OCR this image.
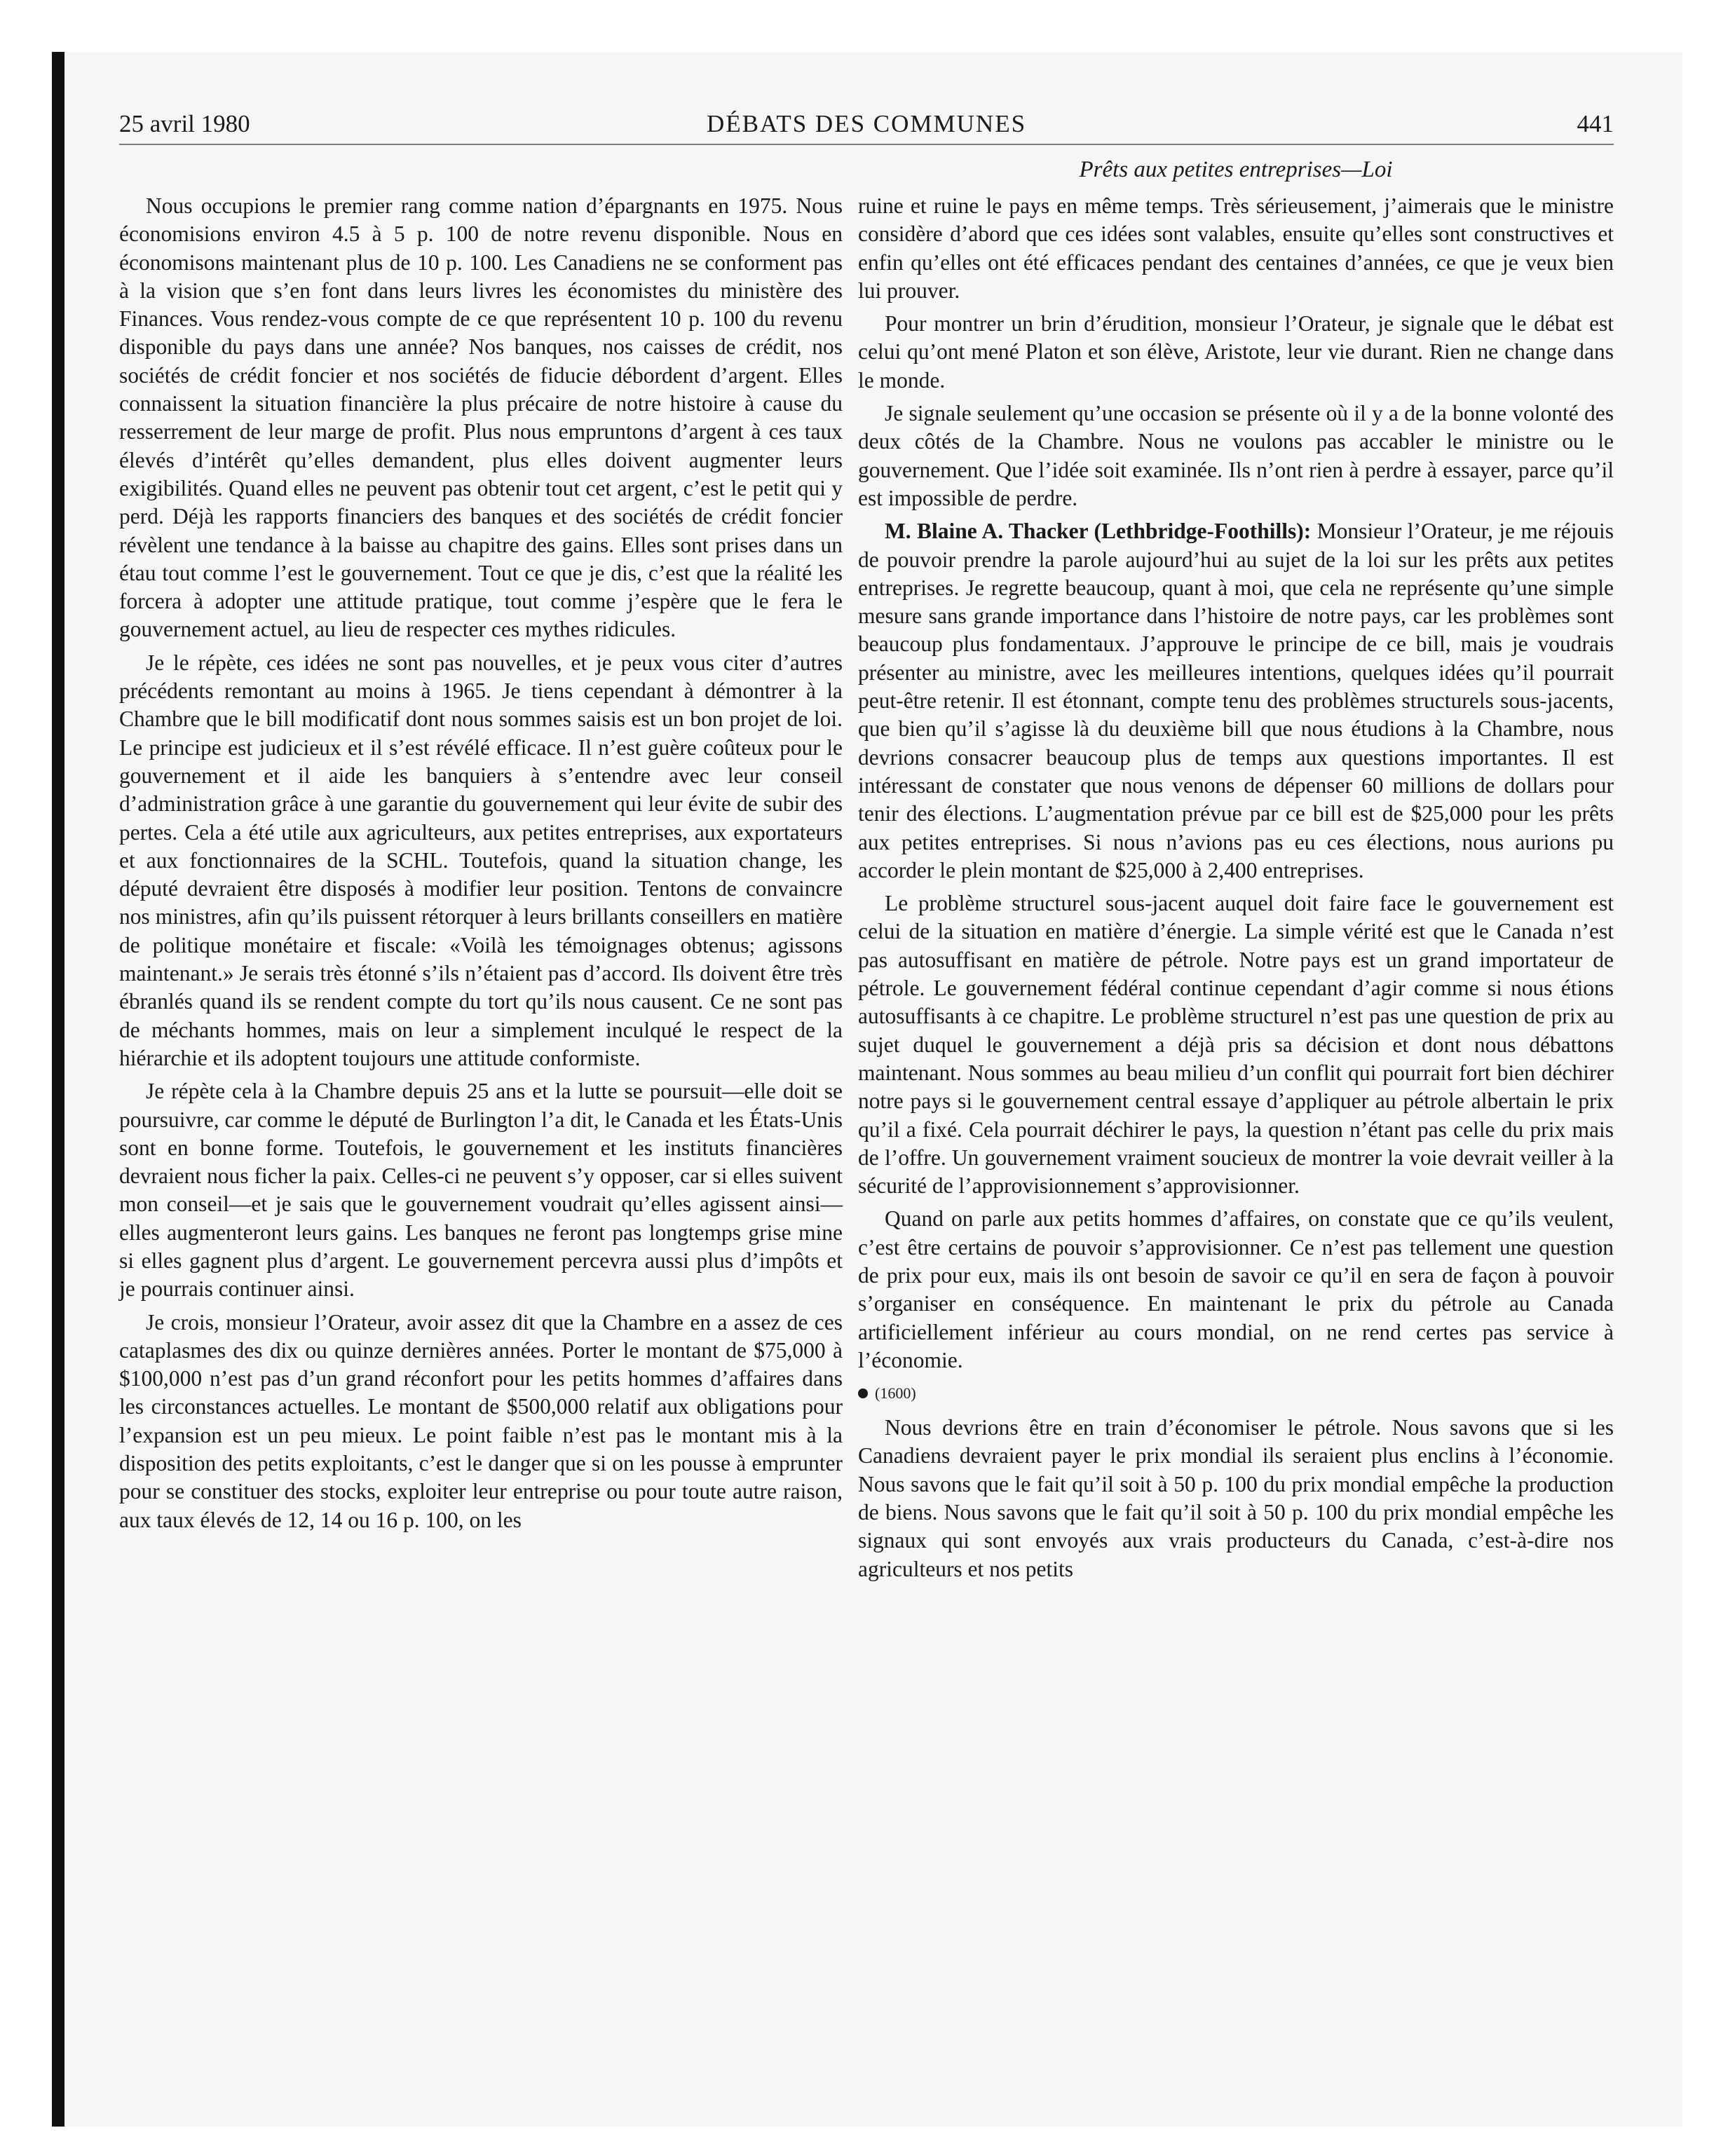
25 avril 1980	DÉBATS DES COMMUNES	441
Prêts aux petites entreprises—Loi

Nous occupions le premier rang comme nation d’épargnants en 1975. Nous économisions environ 4.5 à 5 p. 100 de notre revenu disponible. Nous en économisons maintenant plus de 10 p. 100. Les Canadiens ne se conforment pas à la vision que s’en font dans leurs livres les économistes du ministère des Finances. Vous rendez-vous compte de ce que représentent 10 p. 100 du revenu disponible du pays dans une année? Nos banques, nos caisses de crédit, nos sociétés de crédit foncier et nos sociétés de fiducie débordent d’argent. Elles connaissent la situation financière la plus précaire de notre histoire à cause du resserrement de leur marge de profit. Plus nous empruntons d’argent à ces taux élevés d’intérêt qu’elles demandent, plus elles doivent augmenter leurs exigibilités. Quand elles ne peuvent pas obtenir tout cet argent, c’est le petit qui y perd. Déjà les rapports financiers des banques et des sociétés de crédit foncier révèlent une tendance à la baisse au chapitre des gains. Elles sont prises dans un étau tout comme l’est le gouvernement. Tout ce que je dis, c’est que la réalité les forcera à adopter une attitude pratique, tout comme j’espère que le fera le gouvernement actuel, au lieu de respecter ces mythes ridicules.

Je le répète, ces idées ne sont pas nouvelles, et je peux vous citer d’autres précédents remontant au moins à 1965. Je tiens cependant à démontrer à la Chambre que le bill modificatif dont nous sommes saisis est un bon projet de loi. Le principe est judicieux et il s’est révélé efficace. Il n’est guère coûteux pour le gouvernement et il aide les banquiers à s’entendre avec leur conseil d’administration grâce à une garantie du gouvernement qui leur évite de subir des pertes. Cela a été utile aux agriculteurs, aux petites entreprises, aux exportateurs et aux fonctionnaires de la SCHL. Toutefois, quand la situation change, les député devraient être disposés à modifier leur position. Tentons de convaincre nos ministres, afin qu’ils puissent rétorquer à leurs brillants conseillers en matière de politique monétaire et fiscale: «Voilà les témoignages obtenus; agissons maintenant.» Je serais très étonné s’ils n’étaient pas d’accord. Ils doivent être très ébranlés quand ils se rendent compte du tort qu’ils nous causent. Ce ne sont pas de méchants hommes, mais on leur a simplement inculqué le respect de la hiérarchie et ils adoptent toujours une attitude conformiste.

Je répète cela à la Chambre depuis 25 ans et la lutte se poursuit—elle doit se poursuivre, car comme le député de Burlington l’a dit, le Canada et les États-Unis sont en bonne forme. Toutefois, le gouvernement et les instituts financières devraient nous ficher la paix. Celles-ci ne peuvent s’y opposer, car si elles suivent mon conseil—et je sais que le gouvernement voudrait qu’elles agissent ainsi—elles augmenteront leurs gains. Les banques ne feront pas longtemps grise mine si elles gagnent plus d’argent. Le gouvernement percevra aussi plus d’impôts et je pourrais continuer ainsi.

Je crois, monsieur l’Orateur, avoir assez dit que la Chambre en a assez de ces cataplasmes des dix ou quinze dernières années. Porter le montant de $75,000 à $100,000 n’est pas d’un grand réconfort pour les petits hommes d’affaires dans les circonstances actuelles. Le montant de $500,000 relatif aux obligations pour l’expansion est un peu mieux. Le point faible n’est pas le montant mis à la disposition des petits exploitants, c’est le danger que si on les pousse à emprunter pour se constituer des stocks, exploiter leur entreprise ou pour toute autre raison, aux taux élevés de 12, 14 ou 16 p. 100, on les

ruine et ruine le pays en même temps. Très sérieusement, j’aimerais que le ministre considère d’abord que ces idées sont valables, ensuite qu’elles sont constructives et enfin qu’elles ont été efficaces pendant des centaines d’années, ce que je veux bien lui prouver.

Pour montrer un brin d’érudition, monsieur l’Orateur, je signale que le débat est celui qu’ont mené Platon et son élève, Aristote, leur vie durant. Rien ne change dans le monde.

Je signale seulement qu’une occasion se présente où il y a de la bonne volonté des deux côtés de la Chambre. Nous ne voulons pas accabler le ministre ou le gouvernement. Que l’idée soit examinée. Ils n’ont rien à perdre à essayer, parce qu’il est impossible de perdre.

M. Blaine A. Thacker (Lethbridge-Foothills): Monsieur l’Orateur, je me réjouis de pouvoir prendre la parole aujourd’hui au sujet de la loi sur les prêts aux petites entreprises. Je regrette beaucoup, quant à moi, que cela ne représente qu’une simple mesure sans grande importance dans l’histoire de notre pays, car les problèmes sont beaucoup plus fondamentaux. J’approuve le principe de ce bill, mais je voudrais présenter au ministre, avec les meilleures intentions, quelques idées qu’il pourrait peut-être retenir. Il est étonnant, compte tenu des problèmes structurels sous-jacents, que bien qu’il s’agisse là du deuxième bill que nous étudions à la Chambre, nous devrions consacrer beaucoup plus de temps aux questions importantes. Il est intéressant de constater que nous venons de dépenser 60 millions de dollars pour tenir des élections. L’augmentation prévue par ce bill est de $25,000 pour les prêts aux petites entreprises. Si nous n’avions pas eu ces élections, nous aurions pu accorder le plein montant de $25,000 à 2,400 entreprises.

Le problème structurel sous-jacent auquel doit faire face le gouvernement est celui de la situation en matière d’énergie. La simple vérité est que le Canada n’est pas autosuffisant en matière de pétrole. Notre pays est un grand importateur de pétrole. Le gouvernement fédéral continue cependant d’agir comme si nous étions autosuffisants à ce chapitre. Le problème structurel n’est pas une question de prix au sujet duquel le gouvernement a déjà pris sa décision et dont nous débattons maintenant. Nous sommes au beau milieu d’un conflit qui pourrait fort bien déchirer notre pays si le gouvernement central essaye d’appliquer au pétrole albertain le prix qu’il a fixé. Cela pourrait déchirer le pays, la question n’étant pas celle du prix mais de l’offre. Un gouvernement vraiment soucieux de montrer la voie devrait veiller à la sécurité de l’approvisionnement s’approvisionner.

Quand on parle aux petits hommes d’affaires, on constate que ce qu’ils veulent, c’est être certains de pouvoir s’approvisionner. Ce n’est pas tellement une question de prix pour eux, mais ils ont besoin de savoir ce qu’il en sera de façon à pouvoir s’organiser en conséquence. En maintenant le prix du pétrole au Canada artificiellement inférieur au cours mondial, on ne rend certes pas service à l’économie.

(1600)

Nous devrions être en train d’économiser le pétrole. Nous savons que si les Canadiens devraient payer le prix mondial ils seraient plus enclins à l’économie. Nous savons que le fait qu’il soit à 50 p. 100 du prix mondial empêche la production de biens. Nous savons que le fait qu’il soit à 50 p. 100 du prix mondial empêche les signaux qui sont envoyés aux vrais producteurs du Canada, c’est-à-dire nos agriculteurs et nos petits
